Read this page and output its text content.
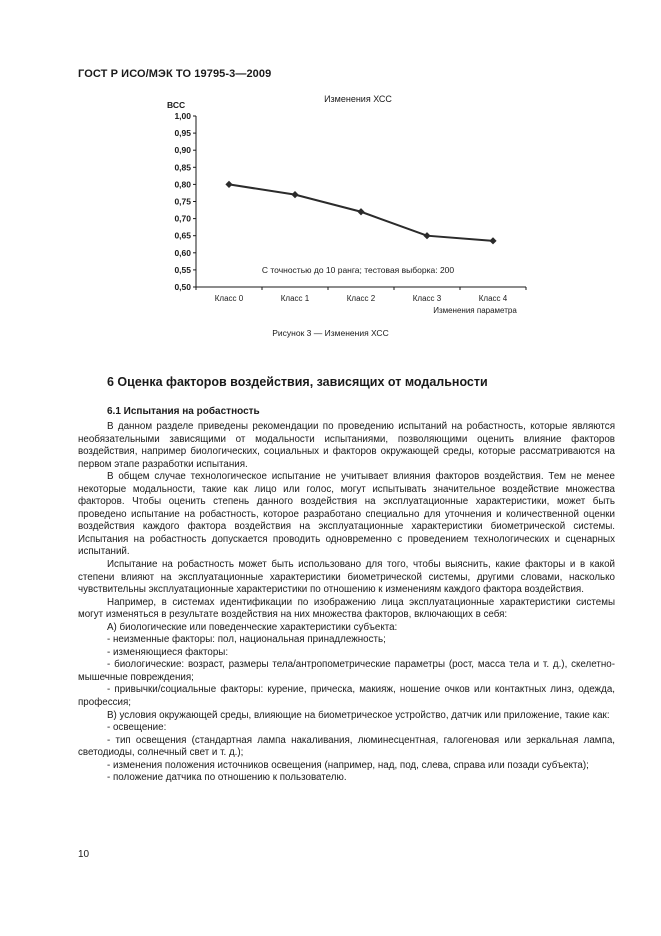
ГОСТ Р ИСО/МЭК ТО 19795-3—2009
Изменения ХСС
ВСС
Изменения параметра
С точностью до 10 ранга; тестовая выборка: 200
1,00
0,95
0,90
0,85
0,80
0,75
0,70
0,65
0,60
0,55
0,50
Класс 0	Класс 1	Класс 2	Класс 3	Класс 4
Рисунок 3 — Изменения ХСС
6 Оценка факторов воздействия, зависящих от модальности
6.1 Испытания на робастность

В данном разделе приведены рекомендации по проведению испытаний на робастность, которые являются необязательными зависящими от модальности испытаниями, позволяющими оценить влияние факторов воздействия, например биологических, социальных и факторов окружающей среды, которые рассматриваются на первом этапе разработки испытания.

В общем случае технологическое испытание не учитывает влияния факторов воздействия. Тем не менее некоторые модальности, такие как лицо или голос, могут испытывать значительное воздействие множества факторов. Чтобы оценить степень данного воздействия на эксплуатационные характеристики, может быть проведено испытание на робастность, которое разработано специально для уточнения и количественной оценки воздействия каждого фактора воздействия на эксплуатационные характеристики биометрической системы. Испытания на робастность допускается проводить одновременно с проведением технологических и сценарных испытаний.

Испытание на робастность может быть использовано для того, чтобы выяснить, какие факторы и в какой степени влияют на эксплуатационные характеристики биометрической системы, другими словами, насколько чувствительны эксплуатационные характеристики по отношению к изменениям каждого фактора воздействия.

Например, в системах идентификации по изображению лица эксплуатационные характеристики системы могут изменяться в результате воздействия на них множества факторов, включающих в себя:

А) биологические или поведенческие характеристики субъекта:

- неизменные факторы: пол, национальная принадлежность;

- изменяющиеся факторы:

- биологические: возраст, размеры тела/антропометрические параметры (рост, масса тела и т. д.), скелетно-мышечные повреждения;

- привычки/социальные факторы: курение, прическа, макияж, ношение очков или контактных линз, одежда, профессия;

В) условия окружающей среды, влияющие на биометрическое устройство, датчик или приложение, такие как:

- освещение:

- тип освещения (стандартная лампа накаливания, люминесцентная, галогеновая или зеркальная лампа, светодиоды, солнечный свет и т. д.);

- изменения положения источников освещения (например, над, под, слева, справа или позади субъекта);

- положение датчика по отношению к пользователю.

10
